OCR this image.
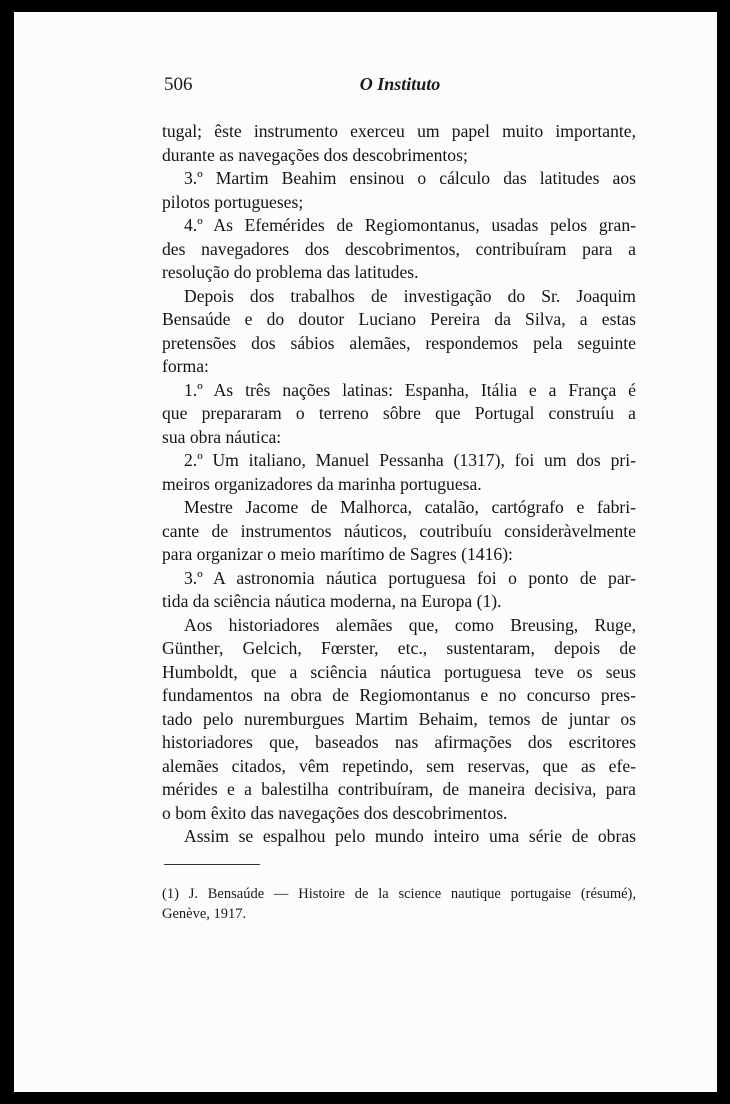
506	O Instituto
tugal; êste instrumento exerceu um papel muito importante,
durante as navegações dos descobrimentos;
3.º Martim Beahim ensinou o cálculo das latitudes aos
pilotos portugueses;
4.º As Efemérides de Regiomontanus, usadas pelos gran-
des navegadores dos descobrimentos, contribuíram para a
resolução do problema das latitudes.
Depois dos trabalhos de investigação do Sr. Joaquim
Bensaúde e do doutor Luciano Pereira da Silva, a estas
pretensões dos sábios alemães, respondemos pela seguinte
forma:
1.º As três nações latinas: Espanha, Itália e a França é
que prepararam o terreno sôbre que Portugal construíu a
sua obra náutica:
2.º Um italiano, Manuel Pessanha (1317), foi um dos pri-
meiros organizadores da marinha portuguesa.
Mestre Jacome de Malhorca, catalão, cartógrafo e fabri-
cante de instrumentos náuticos, coutribuíu consideràvelmente
para organizar o meio marítimo de Sagres (1416):
3.º A astronomia náutica portuguesa foi o ponto de par-
tida da sciência náutica moderna, na Europa (1).
Aos historiadores alemães que, como Breusing, Ruge,
Günther, Gelcich, Fœrster, etc., sustentaram, depois de
Humboldt, que a sciência náutica portuguesa teve os seus
fundamentos na obra de Regiomontanus e no concurso pres-
tado pelo nuremburgues Martim Behaim, temos de juntar os
historiadores que, baseados nas afirmações dos escritores
alemães citados, vêm repetindo, sem reservas, que as efe-
mérides e a balestilha contribuíram, de maneira decisiva, para
o bom êxito das navegações dos descobrimentos.
Assim se espalhou pelo mundo inteiro uma série de obras
(1) J. Bensaúde — Histoire de la science nautique portugaise (résumé),
Genève, 1917.
